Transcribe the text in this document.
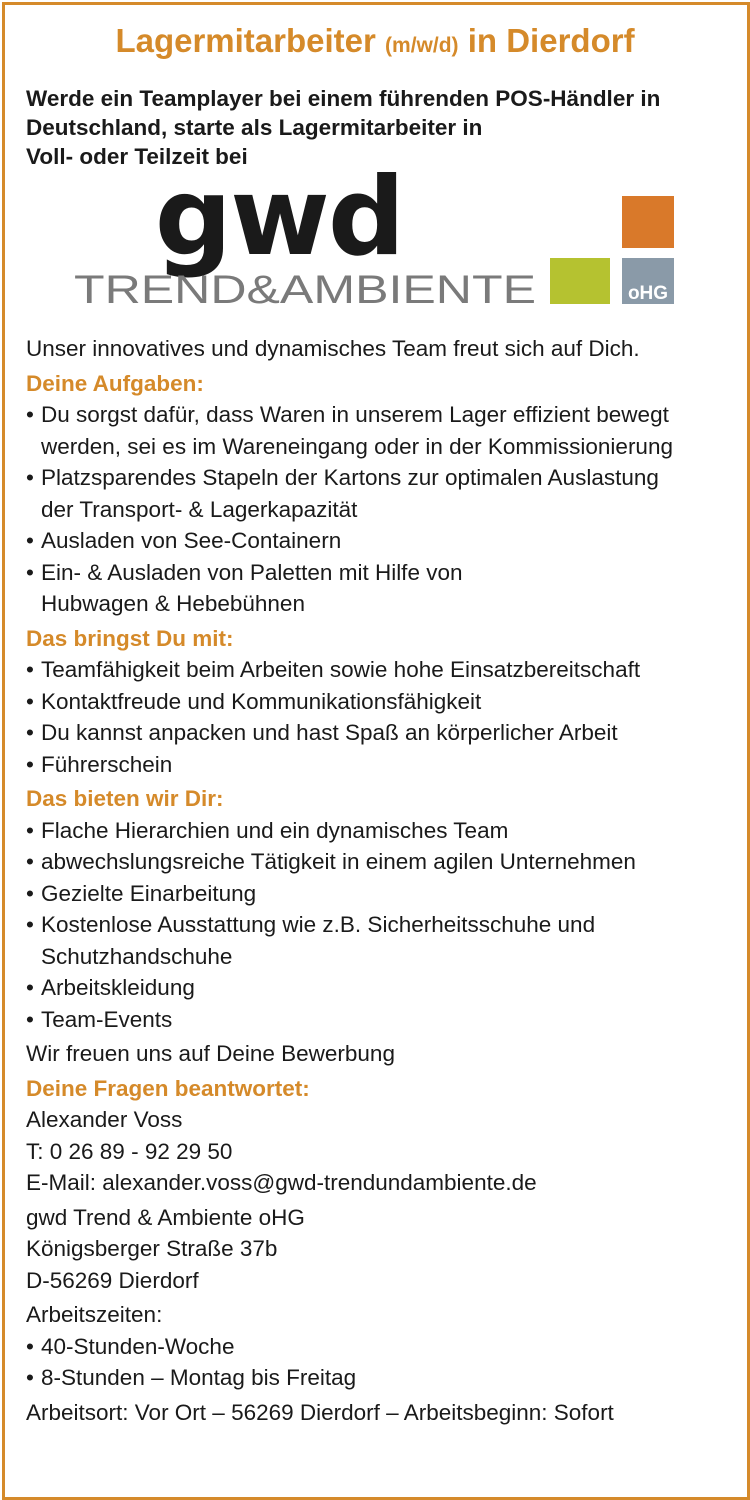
Lagermitarbeiter (m/w/d) in Dierdorf
Werde ein Teamplayer bei einem führenden POS-Händler in
Deutschland, starte als Lagermitarbeiter in
Voll- oder Teilzeit bei
gwd
oHG
TREND&AMBIENTE
Unser innovatives und dynamisches Team freut sich auf Dich.
Deine Aufgaben:
• Du sorgst dafür, dass Waren in unserem Lager effizient bewegt
werden, sei es im Wareneingang oder in der Kommissionierung
• Platzsparendes Stapeln der Kartons zur optimalen Auslastung
der Transport- & Lagerkapazität
• Ausladen von See-Containern
• Ein- & Ausladen von Paletten mit Hilfe von
Hubwagen & Hebebühnen
Das bringst Du mit:
• Teamfähigkeit beim Arbeiten sowie hohe Einsatzbereitschaft
• Kontaktfreude und Kommunikationsfähigkeit
• Du kannst anpacken und hast Spaß an körperlicher Arbeit
• Führerschein
Das bieten wir Dir:
• Flache Hierarchien und ein dynamisches Team
• abwechslungsreiche Tätigkeit in einem agilen Unternehmen
• Gezielte Einarbeitung
• Kostenlose Ausstattung wie z.B. Sicherheitsschuhe und
Schutzhandschuhe
• Arbeitskleidung
• Team-Events
Wir freuen uns auf Deine Bewerbung
Deine Fragen beantwortet:
Alexander Voss
T: 0 26 89 - 92 29 50
E-Mail: alexander.voss@gwd-trendundambiente.de
gwd Trend & Ambiente oHG
Königsberger Straße 37b
D-56269 Dierdorf
Arbeitszeiten:
• 40-Stunden-Woche
• 8-Stunden – Montag bis Freitag
Arbeitsort: Vor Ort – 56269 Dierdorf – Arbeitsbeginn: Sofort
